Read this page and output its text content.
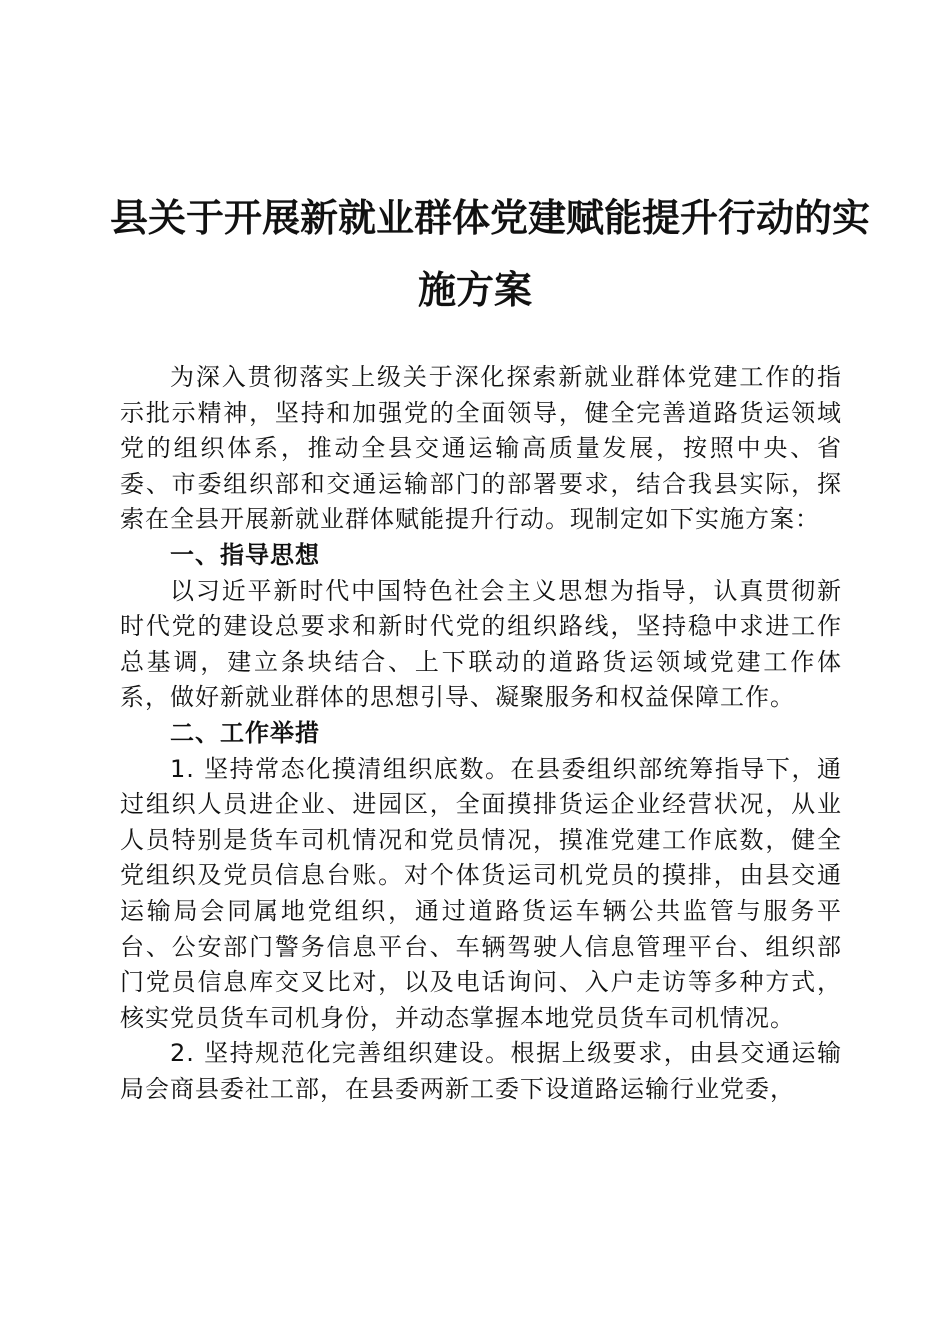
县关于开展新就业群体党建赋能提升行动的实
施方案

为深入贯彻落实上级关于深化探索新就业群体党建工作的指示批示精神，坚持和加强党的全面领导，健全完善道路货运领域党的组织体系，推动全县交通运输高质量发展，按照中央、省委、市委组织部和交通运输部门的部署要求，结合我县实际，探索在全县开展新就业群体赋能提升行动。现制定如下实施方案：

一、指导思想

以习近平新时代中国特色社会主义思想为指导，认真贯彻新时代党的建设总要求和新时代党的组织路线，坚持稳中求进工作总基调，建立条块结合、上下联动的道路货运领域党建工作体系，做好新就业群体的思想引导、凝聚服务和权益保障工作。

二、工作举措

1. 坚持常态化摸清组织底数。在县委组织部统筹指导下，通过组织人员进企业、进园区，全面摸排货运企业经营状况，从业人员特别是货车司机情况和党员情况，摸准党建工作底数，健全党组织及党员信息台账。对个体货运司机党员的摸排，由县交通运输局会同属地党组织，通过道路货运车辆公共监管与服务平台、公安部门警务信息平台、车辆驾驶人信息管理平台、组织部门党员信息库交叉比对，以及电话询问、入户走访等多种方式，核实党员货车司机身份，并动态掌握本地党员货车司机情况。

2. 坚持规范化完善组织建设。根据上级要求，由县交通运输局会商县委社工部，在县委两新工委下设道路运输行业党委，
